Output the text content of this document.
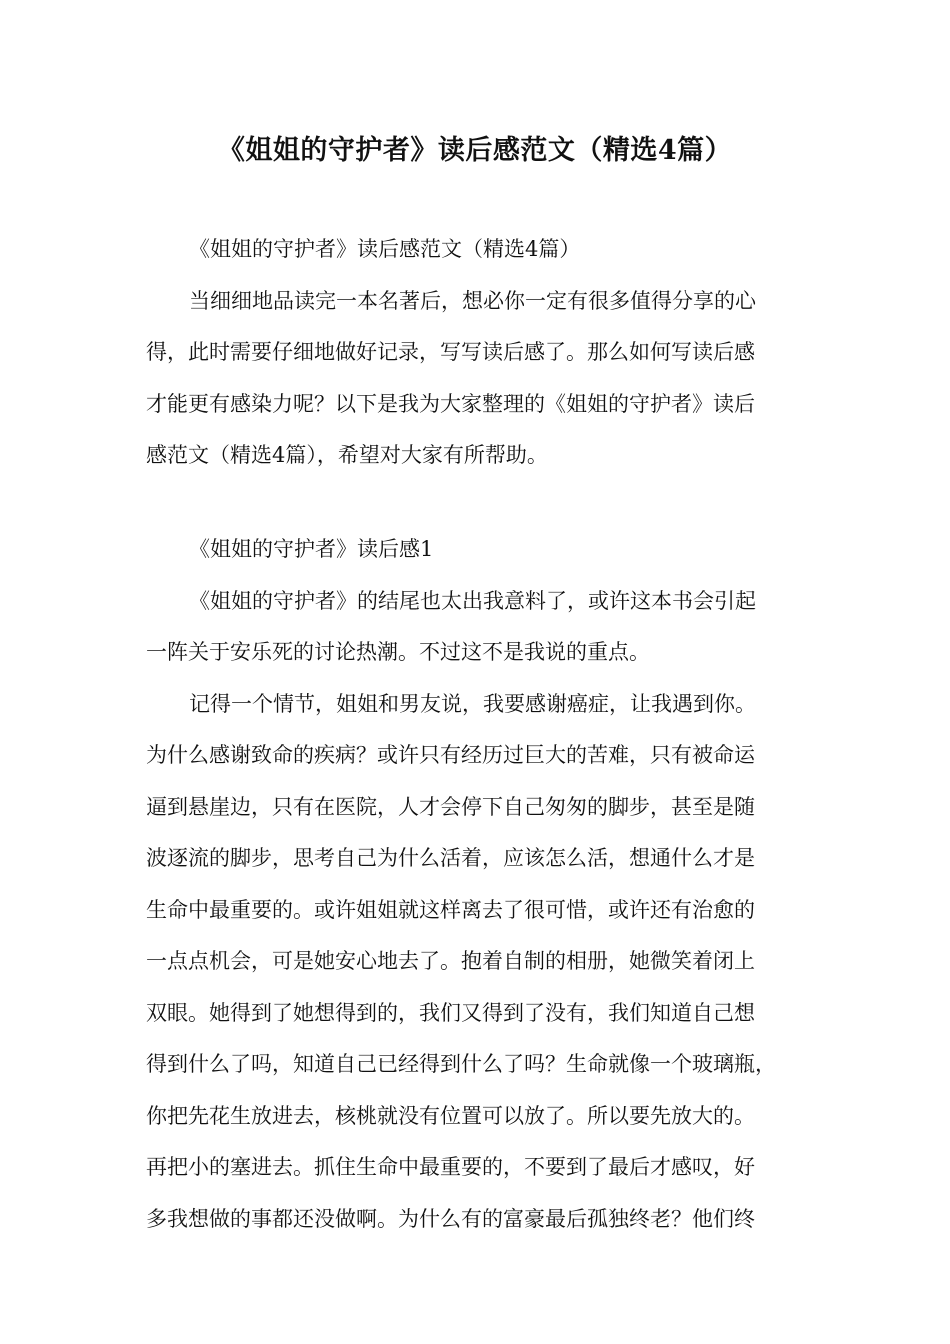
《姐姐的守护者》读后感范文（精选4篇）
《姐姐的守护者》读后感范文（精选4篇）
当细细地品读完一本名著后，想必你一定有很多值得分享的心
得，此时需要仔细地做好记录，写写读后感了。那么如何写读后感
才能更有感染力呢？以下是我为大家整理的《姐姐的守护者》读后
感范文（精选4篇），希望对大家有所帮助。
《姐姐的守护者》读后感1
《姐姐的守护者》的结尾也太出我意料了，或许这本书会引起
一阵关于安乐死的讨论热潮。不过这不是我说的重点。
记得一个情节，姐姐和男友说，我要感谢癌症，让我遇到你。
为什么感谢致命的疾病？或许只有经历过巨大的苦难，只有被命运
逼到悬崖边，只有在医院，人才会停下自己匆匆的脚步，甚至是随
波逐流的脚步，思考自己为什么活着，应该怎么活，想通什么才是
生命中最重要的。或许姐姐就这样离去了很可惜，或许还有治愈的
一点点机会，可是她安心地去了。抱着自制的相册，她微笑着闭上
双眼。她得到了她想得到的，我们又得到了没有，我们知道自己想
得到什么了吗，知道自己已经得到什么了吗？生命就像一个玻璃瓶，
你把先花生放进去，核桃就没有位置可以放了。所以要先放大的。
再把小的塞进去。抓住生命中最重要的，不要到了最后才感叹，好
多我想做的事都还没做啊。为什么有的富豪最后孤独终老？他们终
